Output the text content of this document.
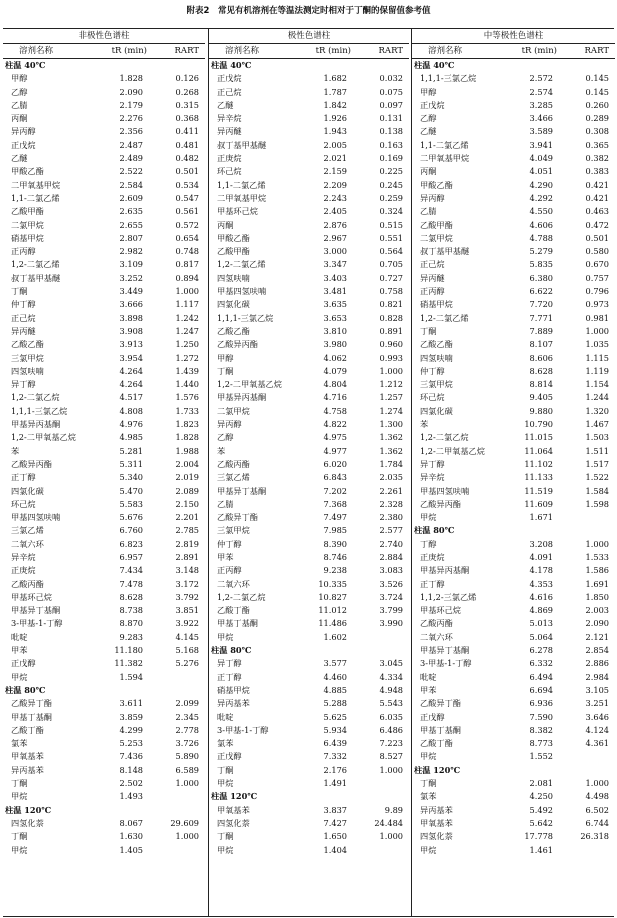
附表2　常见有机溶剂在等温法测定时相对于丁酮的保留值参考值
非极性色谱柱
溶剂名称	tR (min)	RART
柱温 40℃
甲醇	1.828	0.126
乙醇	2.090	0.268
乙腈	2.179	0.315
丙酮	2.276	0.368
异丙醇	2.356	0.411
正戊烷	2.487	0.481
乙醚	2.489	0.482
甲酸乙酯	2.522	0.501
二甲氧基甲烷	2.584	0.534
1,1-二氯乙烯	2.609	0.547
乙酸甲酯	2.635	0.561
二氯甲烷	2.655	0.572
硝基甲烷	2.807	0.654
正丙醇	2.982	0.748
1,2-二氯乙烯	3.109	0.817
叔丁基甲基醚	3.252	0.894
丁酮	3.449	1.000
仲丁醇	3.666	1.117
正己烷	3.898	1.242
异丙醚	3.908	1.247
乙酸乙酯	3.913	1.250
三氯甲烷	3.954	1.272
四氢呋喃	4.264	1.439
异丁醇	4.264	1.440
1,2-二氯乙烷	4.517	1.576
1,1,1-三氯乙烷	4.808	1.733
甲基异丙基酮	4.976	1.823
1,2-二甲氧基乙烷	4.985	1.828
苯	5.281	1.988
乙酸异丙酯	5.311	2.004
正丁醇	5.340	2.019
四氯化碳	5.470	2.089
环己烷	5.583	2.150
甲基四氢呋喃	5.676	2.201
三氯乙烯	6.760	2.785
二氧六环	6.823	2.819
异辛烷	6.957	2.891
正庚烷	7.434	3.148
乙酸丙酯	7.478	3.172
甲基环己烷	8.628	3.792
甲基异丁基酮	8.738	3.851
3-甲基-1-丁醇	8.870	3.922
吡啶	9.283	4.145
甲苯	11.180	5.168
正戊醇	11.382	5.276
甲烷	1.594
柱温 80℃
乙酸异丁酯	3.611	2.099
甲基丁基酮	3.859	2.345
乙酸丁酯	4.299	2.778
氯苯	5.253	3.726
甲氧基苯	7.436	5.890
异丙基苯	8.148	6.589
丁酮	2.502	1.000
甲烷	1.493
柱温 120℃
四氢化萘	8.067	29.609
丁酮	1.630	1.000
甲烷	1.405
极性色谱柱
溶剂名称	tR (min)	RART
柱温 40℃
正戊烷	1.682	0.032
正己烷	1.787	0.075
乙醚	1.842	0.097
异辛烷	1.926	0.131
异丙醚	1.943	0.138
叔丁基甲基醚	2.005	0.163
正庚烷	2.021	0.169
环己烷	2.159	0.225
1,1-二氯乙烯	2.209	0.245
二甲氧基甲烷	2.243	0.259
甲基环己烷	2.405	0.324
丙酮	2.876	0.515
甲酸乙酯	2.967	0.551
乙酸甲酯	3.000	0.564
1,2-二氯乙烯	3.347	0.705
四氢呋喃	3.403	0.727
甲基四氢呋喃	3.481	0.758
四氯化碳	3.635	0.821
1,1,1-三氯乙烷	3.653	0.828
乙酸乙酯	3.810	0.891
乙酸异丙酯	3.980	0.960
甲醇	4.062	0.993
丁酮	4.079	1.000
1,2-二甲氧基乙烷	4.804	1.212
甲基异丙基酮	4.716	1.257
二氯甲烷	4.758	1.274
异丙醇	4.822	1.300
乙醇	4.975	1.362
苯	4.977	1.362
乙酸丙酯	6.020	1.784
三氯乙烯	6.843	2.035
甲基异丁基酮	7.202	2.261
乙腈	7.368	2.328
乙酸异丁酯	7.497	2.380
三氯甲烷	7.985	2.577
仲丁醇	8.390	2.740
甲苯	8.746	2.884
正丙醇	9.238	3.083
二氧六环	10.335	3.526
1,2-二氯乙烷	10.827	3.724
乙酸丁酯	11.012	3.799
甲基丁基酮	11.486	3.990
甲烷	1.602
柱温 80℃
异丁醇	3.577	3.045
正丁醇	4.460	4.334
硝基甲烷	4.885	4.948
异丙基苯	5.288	5.543
吡啶	5.625	6.035
3-甲基-1-丁醇	5.934	6.486
氯苯	6.439	7.223
正戊醇	7.332	8.527
丁酮	2.176	1.000
甲烷	1.491
柱温 120℃
甲氧基苯	3.837	9.89
四氢化萘	7.427	24.484
丁酮	1.650	1.000
甲烷	1.404
中等极性色谱柱
溶剂名称	tR (min)	RART
柱温 40℃
1,1,1-三氯乙烷	2.572	0.145
甲醇	2.574	0.145
正戊烷	3.285	0.260
乙醇	3.466	0.289
乙醚	3.589	0.308
1,1-二氯乙烯	3.941	0.365
二甲氧基甲烷	4.049	0.382
丙酮	4.051	0.383
甲酸乙酯	4.290	0.421
异丙醇	4.292	0.421
乙腈	4.550	0.463
乙酸甲酯	4.606	0.472
二氯甲烷	4.788	0.501
叔丁基甲基醚	5.279	0.580
正己烷	5.835	0.670
异丙醚	6.380	0.757
正丙醇	6.622	0.796
硝基甲烷	7.720	0.973
1,2-二氯乙烯	7.771	0.981
丁酮	7.889	1.000
乙酸乙酯	8.107	1.035
四氢呋喃	8.606	1.115
仲丁醇	8.628	1.119
三氯甲烷	8.814	1.154
环己烷	9.405	1.244
四氯化碳	9.880	1.320
苯	10.790	1.467
1,2-二氯乙烷	11.015	1.503
1,2-二甲氧基乙烷	11.064	1.511
异丁醇	11.102	1.517
异辛烷	11.133	1.522
甲基四氢呋喃	11.519	1.584
乙酸异丙酯	11.609	1.598
甲烷	1.671
柱温 80℃
丁醇	3.208	1.000
正庚烷	4.091	1.533
甲基异丙基酮	4.178	1.586
正丁醇	4.353	1.691
1,1,2-三氯乙烯	4.616	1.850
甲基环己烷	4.869	2.003
乙酸丙酯	5.013	2.090
二氧六环	5.064	2.121
甲基异丁基酮	6.278	2.854
3-甲基-1-丁醇	6.332	2.886
吡啶	6.494	2.984
甲苯	6.694	3.105
乙酸异丁酯	6.936	3.251
正戊醇	7.590	3.646
甲基丁基酮	8.382	4.124
乙酸丁酯	8.773	4.361
甲烷	1.552
柱温 120℃
丁酮	2.081	1.000
氯苯	4.250	4.498
异丙基苯	5.492	6.502
甲氧基苯	5.642	6.744
四氢化萘	17.778	26.318
甲烷	1.461
